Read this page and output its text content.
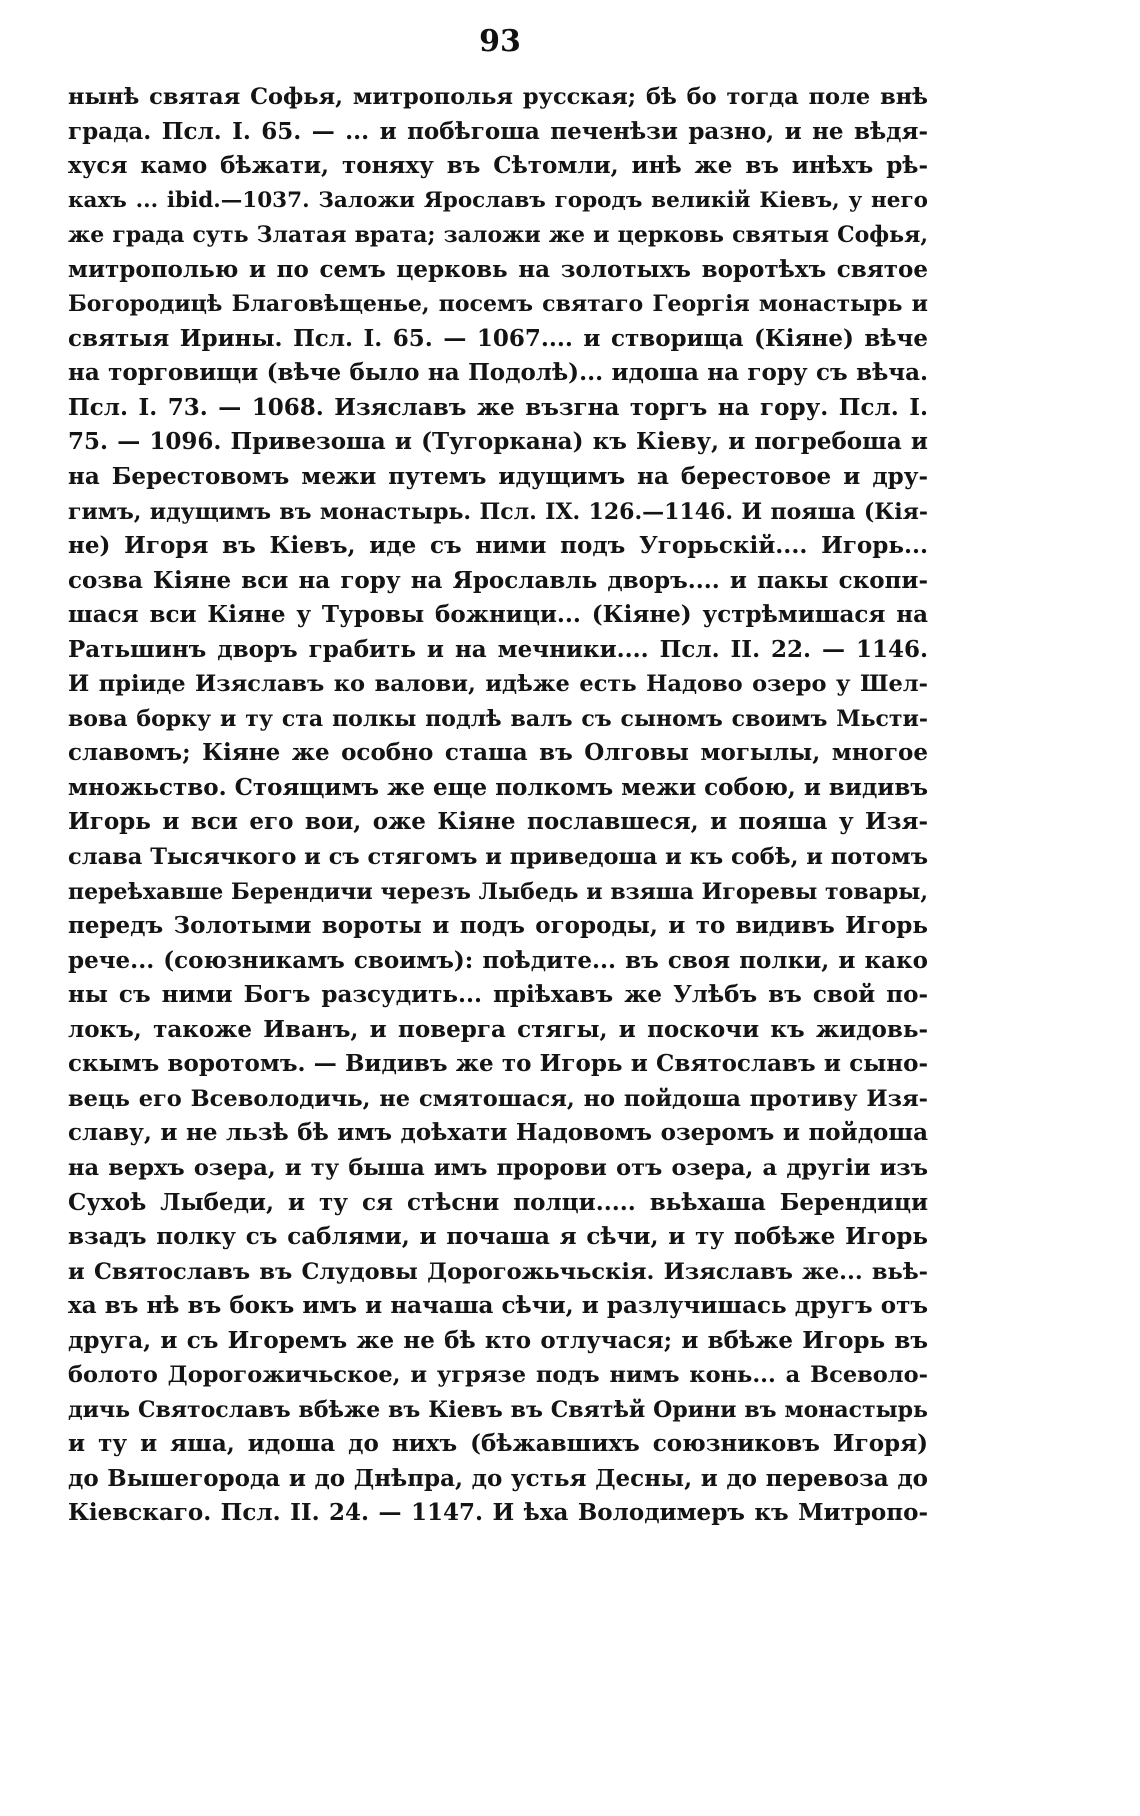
93
нынѣ святая Софья, митрополья русская; бѣ бо тогда поле внѣ
града. Псл. I. 65. — ... и побѣгоша печенѣзи разно, и не вѣдя-
хуся камо бѣжати, тоняху въ Сѣтомли, инѣ же въ инѣхъ рѣ-
кахъ ... ibid.—1037. Заложи Ярославъ городъ великій Кіевъ, у него
же града суть Златая врата; заложи же и церковь святыя Софья,
митрополью и по семъ церковь на золотыхъ воротѣхъ святое
Богородицѣ Благовѣщенье, посемъ святаго Георгія монастырь и
святыя Ирины. Псл. I. 65. — 1067.... и створища (Кіяне) вѣче
на торговищи (вѣче было на Подолѣ)... идоша на гору съ вѣча.
Псл. I. 73. — 1068. Изяславъ же възгна торгъ на гору. Псл. I.
75. — 1096. Привезоша и (Тугоркана) къ Кіеву, и погребоша и
на Берестовомъ межи путемъ идущимъ на берестовое и дру-
гимъ, идущимъ въ монастырь. Псл. IX. 126.—1146. И пояша (Кія-
не) Игоря въ Кіевъ, иде съ ними подъ Угорьскій.... Игорь...
созва Кіяне вси на гору на Ярославль дворъ.... и пакы скопи-
шася вси Кіяне у Туровы божници... (Кіяне) устрѣмишася на
Ратьшинъ дворъ грабить и на мечники.... Псл. II. 22. — 1146.
И пріиде Изяславъ ко валови, идѣже есть Надово озеро у Шел-
вова борку и ту ста полкы подлѣ валъ съ сыномъ своимъ Мьсти-
славомъ; Кіяне же особно сташа въ Олговы могылы, многое
множьство. Стоящимъ же еще полкомъ межи собою, и видивъ
Игорь и вси его вои, оже Кіяне пославшеся, и пояша у Изя-
слава Тысячкого и съ стягомъ и приведоша и къ собѣ, и потомъ
переѣхавше Берендичи черезъ Лыбедь и взяша Игоревы товары,
передъ Золотыми вороты и подъ огороды, и то видивъ Игорь
рече... (союзникамъ своимъ): поѣдите... въ своя полки, и како
ны съ ними Богъ разсудить... пріѣхавъ же Улѣбъ въ свой по-
локъ, такоже Иванъ, и поверга стягы, и поскочи къ жидовь-
скымъ воротомъ. — Видивъ же то Игорь и Святославъ и сыно-
вець его Всеволодичь, не смятошася, но пойдоша противу Изя-
славу, и не льзѣ бѣ имъ доѣхати Надовомъ озеромъ и пойдоша
на верхъ озера, и ту быша имъ пророви отъ озера, а другіи изъ
Сухоѣ Лыбеди, и ту ся стѣсни полци..... вьѣхаша Берендици
взадъ полку съ саблями, и почаша я сѣчи, и ту побѣже Игорь
и Святославъ въ Слудовы Дорогожьчьскія. Изяславъ же... вьѣ-
ха въ нѣ въ бокъ имъ и начаша сѣчи, и разлучишась другъ отъ
друга, и съ Игоремъ же не бѣ кто отлучася; и вбѣже Игорь въ
болото Дорогожичьское, и угрязе подъ нимъ конь... а Всеволо-
дичь Святославъ вбѣже въ Кіевъ въ Святѣй Орини въ монастырь
и ту и яша, идоша до нихъ (бѣжавшихъ союзниковъ Игоря)
до Вышегорода и до Днѣпра, до устья Десны, и до перевоза до
Кіевскаго. Псл. II. 24. — 1147. И ѣха Володимеръ къ Митропо-
